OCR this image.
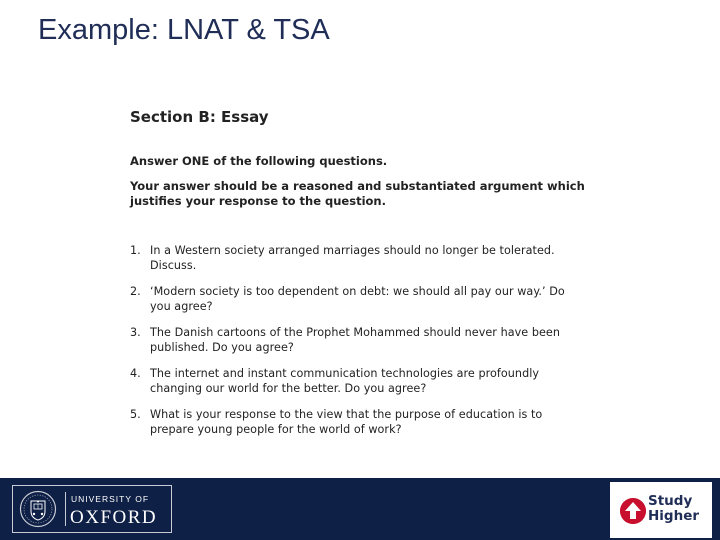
Example: LNAT & TSA
Section B: Essay

Answer ONE of the following questions.

Your answer should be a reasoned and substantiated argument which justifies your response to the question.

1. In a Western society arranged marriages should no longer be tolerated. Discuss.
2. ‘Modern society is too dependent on debt: we should all pay our way.’ Do you agree?
3. The Danish cartoons of the Prophet Mohammed should never have been published. Do you agree?
4. The internet and instant communication technologies are profoundly changing our world for the better. Do you agree?
5. What is your response to the view that the purpose of education is to prepare young people for the world of work?
UNIVERSITY OF
OXFORD
Study
Higher
